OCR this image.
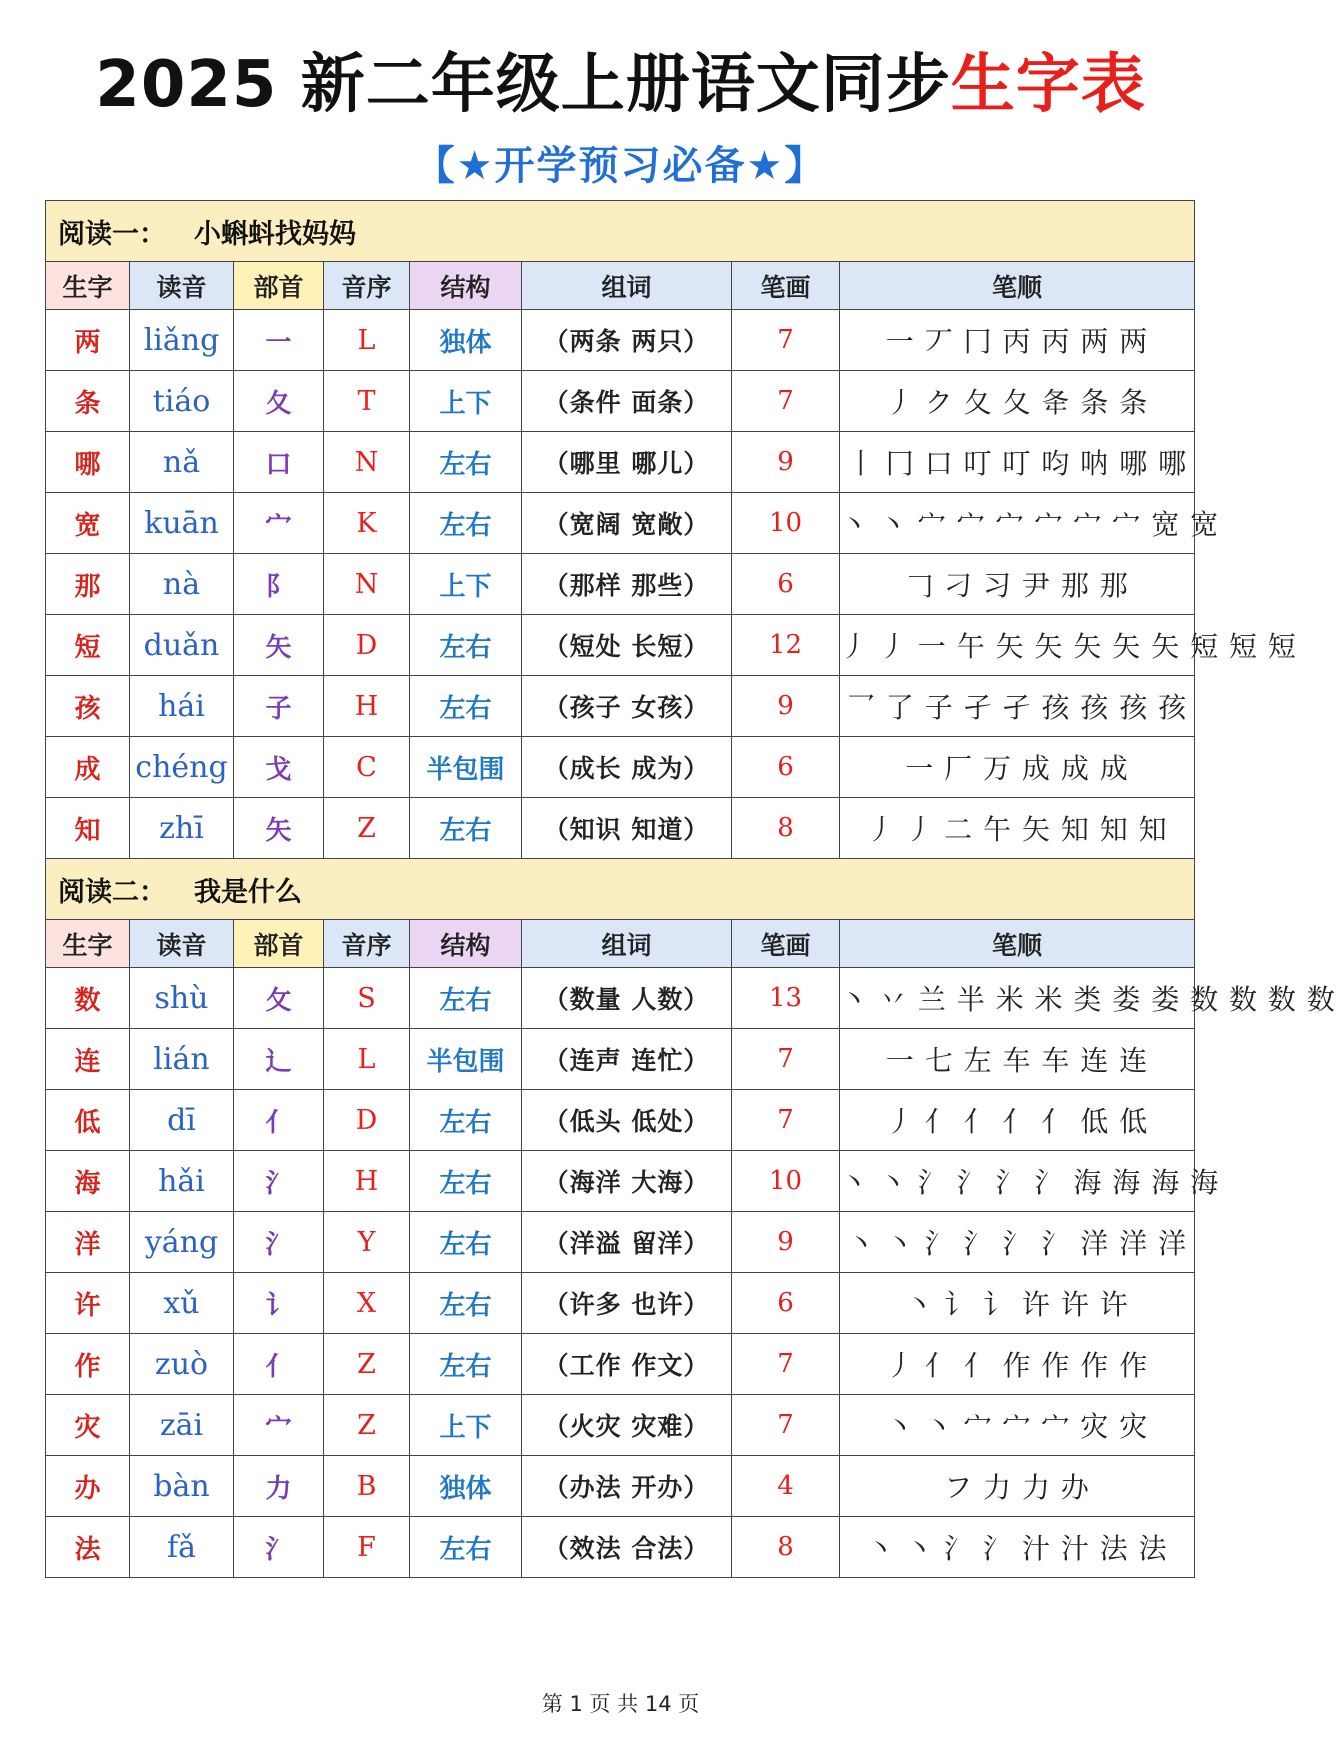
2025 新二年级上册语文同步生字表
【★开学预习必备★】
阅读一： 小蝌蚪找妈妈							
生字	读音	部首	音序	结构	组词	笔画	笔顺
两	liǎng	一	L	独体	（两条 两只）	7	一 丆 冂 丙 丙 两 两
条	tiáo	夂	T	上下	（条件 面条）	7	丿 ク 夂 夂 夅 条 条
哪	nǎ	口	N	左右	（哪里 哪儿）	9	丨 冂 口 叮 叮 呁 呐 哪 哪
宽	kuān	宀	K	左右	（宽阔 宽敞）	10	丶 丶 宀 宀 宀 宀 宀 宀 宽 宽
那	nà	阝	N	上下	（那样 那些）	6	𠃌 刁 习 尹 那 那
短	duǎn	矢	D	左右	（短处 长短）	12	丿 丿 一 午 矢 矢 矢 矢 矢 短 短 短
孩	hái	子	H	左右	（孩子 女孩）	9	乛 了 子 孑 孑 孩 孩 孩 孩
成	chéng	戈	C	半包围	（成长 成为）	6	一 厂 万 成 成 成
知	zhī	矢	Z	左右	（知识 知道）	8	丿 丿 二 午 矢 知 知 知
阅读二： 我是什么							
生字	读音	部首	音序	结构	组词	笔画	笔顺
数	shù	攵	S	左右	（数量 人数）	13	丶 丷 兰 半 米 米 类 娄 娄 数 数 数 数
连	lián	辶	L	半包围	（连声 连忙）	7	一 七 左 车 车 连 连
低	dī	亻	D	左右	（低头 低处）	7	丿 亻 亻 亻 亻 低 低
海	hǎi	氵	H	左右	（海洋 大海）	10	丶 丶 氵 氵 氵 氵 海 海 海 海
洋	yáng	氵	Y	左右	（洋溢 留洋）	9	丶 丶 氵 氵 氵 氵 洋 洋 洋
许	xǔ	讠	X	左右	（许多 也许）	6	丶 讠 讠 许 许 许
作	zuò	亻	Z	左右	（工作 作文）	7	丿 亻 亻 作 作 作 作
灾	zāi	宀	Z	上下	（火灾 灾难）	7	丶 丶 宀 宀 宀 灾 灾
办	bàn	力	B	独体	（办法 开办）	4	フ 力 力 办
法	fǎ	氵	F	左右	（效法 合法）	8	丶 丶 氵 氵 汁 汁 法 法
第 1 页 共 14 页
